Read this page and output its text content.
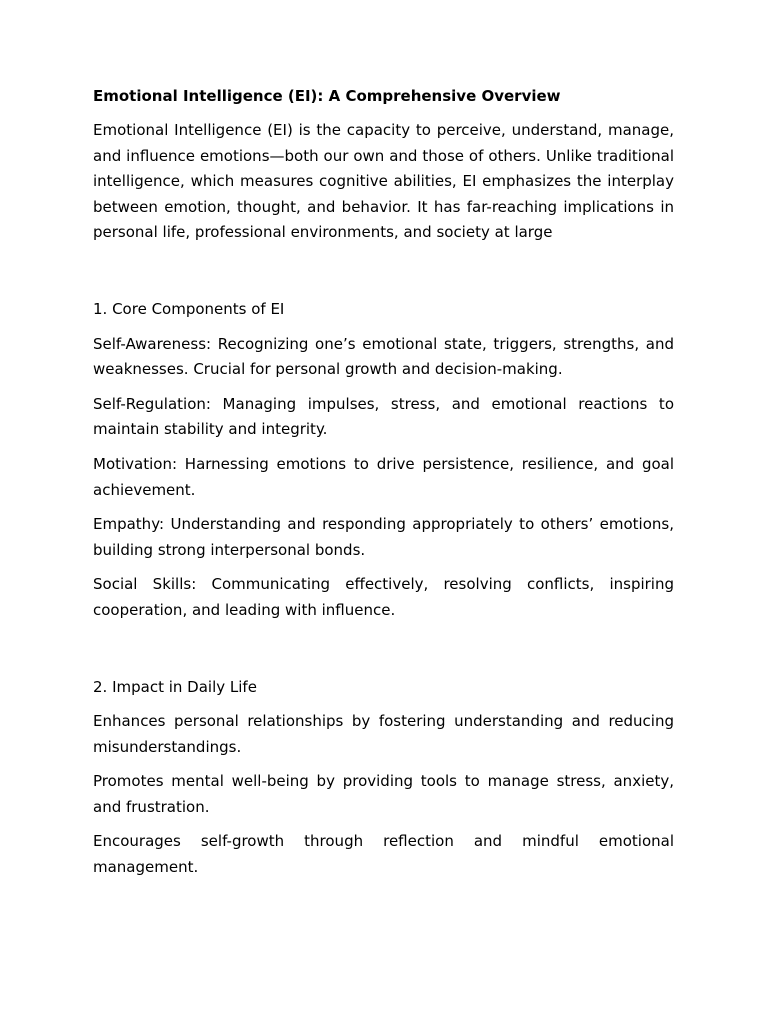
Emotional Intelligence (EI): A Comprehensive Overview

Emotional Intelligence (EI) is the capacity to perceive, understand, manage, and influence emotions—both our own and those of others. Unlike traditional intelligence, which measures cognitive abilities, EI emphasizes the interplay between emotion, thought, and behavior. It has far-reaching implications in personal life, professional environments, and society at large

1. Core Components of EI

Self-Awareness: Recognizing one’s emotional state, triggers, strengths, and weaknesses. Crucial for personal growth and decision-making.

Self-Regulation: Managing impulses, stress, and emotional reactions to maintain stability and integrity.

Motivation: Harnessing emotions to drive persistence, resilience, and goal achievement.

Empathy: Understanding and responding appropriately to others’ emotions, building strong interpersonal bonds.

Social Skills: Communicating effectively, resolving conflicts, inspiring cooperation, and leading with influence.

2. Impact in Daily Life

Enhances personal relationships by fostering understanding and reducing misunderstandings.

Promotes mental well-being by providing tools to manage stress, anxiety, and frustration.

Encourages self-growth through reflection and mindful emotional management.
